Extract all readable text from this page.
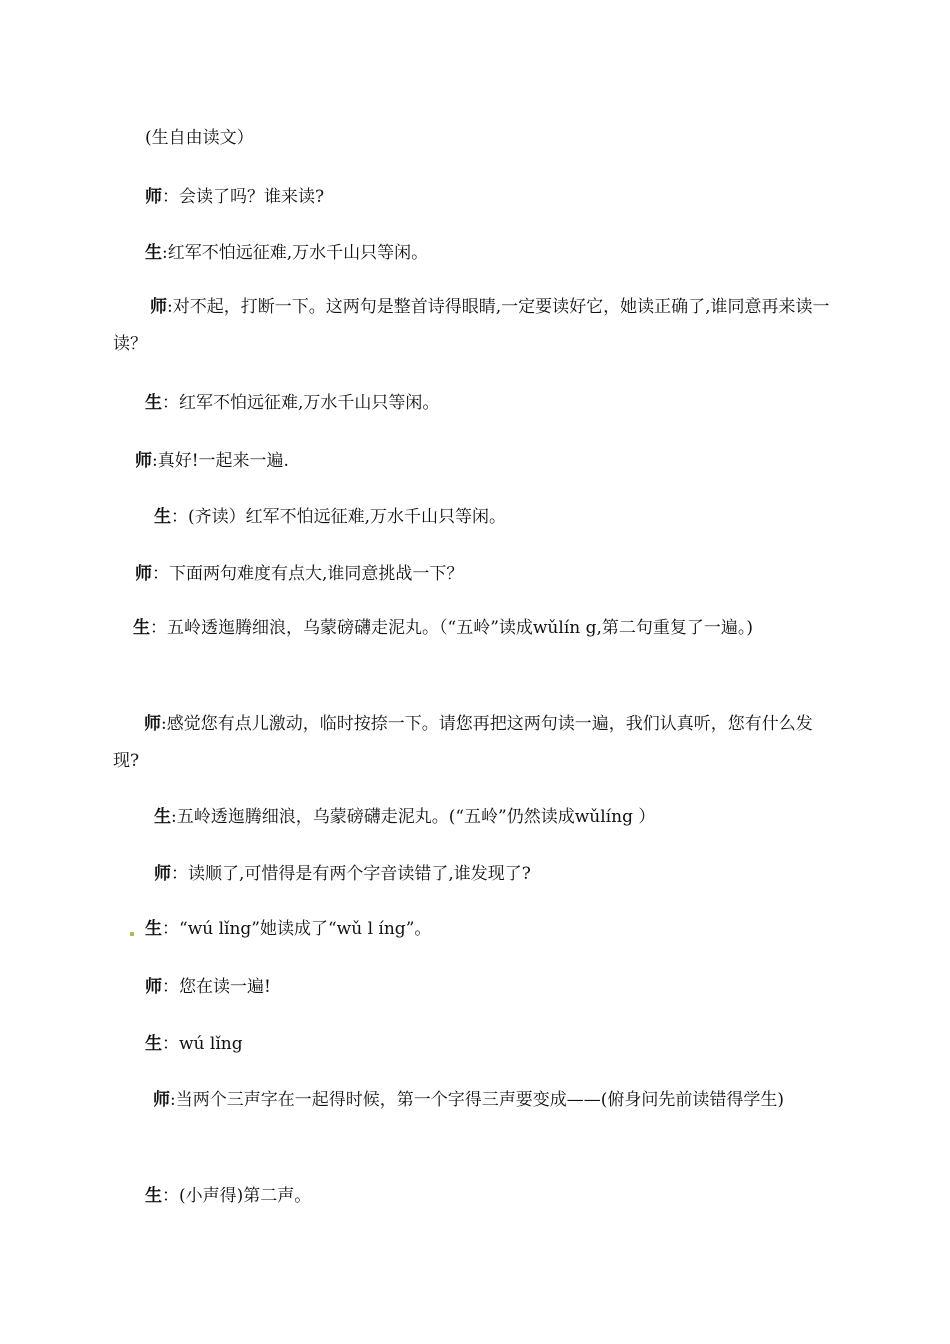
(生自由读文）
师：会读了吗？谁来读?
生:红军不怕远征难,万水千山只等闲。
师:对不起，打断一下。这两句是整首诗得眼睛,一定要读好它，她读正确了,谁同意再来读一读？
生：红军不怕远征难,万水千山只等闲。
师:真好!一起来一遍.
生：(齐读）红军不怕远征难,万水千山只等闲。
师：下面两句难度有点大,谁同意挑战一下？
生：五岭透迤腾细浪，乌蒙磅礴走泥丸。（“五岭”读成wǔlín g,第二句重复了一遍。)
师:感觉您有点儿激动，临时按捺一下。请您再把这两句读一遍，我们认真听，您有什么发现?
生:五岭透迤腾细浪，乌蒙磅礴走泥丸。(“五岭”仍然读成wǔlíng ）
师：读顺了,可惜得是有两个字音读错了,谁发现了?
生：“wú lǐng”她读成了“wǔ l íng”。
师：您在读一遍!
生：wú lǐng
师:当两个三声字在一起得时候，第一个字得三声要变成——(俯身问先前读错得学生)
生：(小声得)第二声。
